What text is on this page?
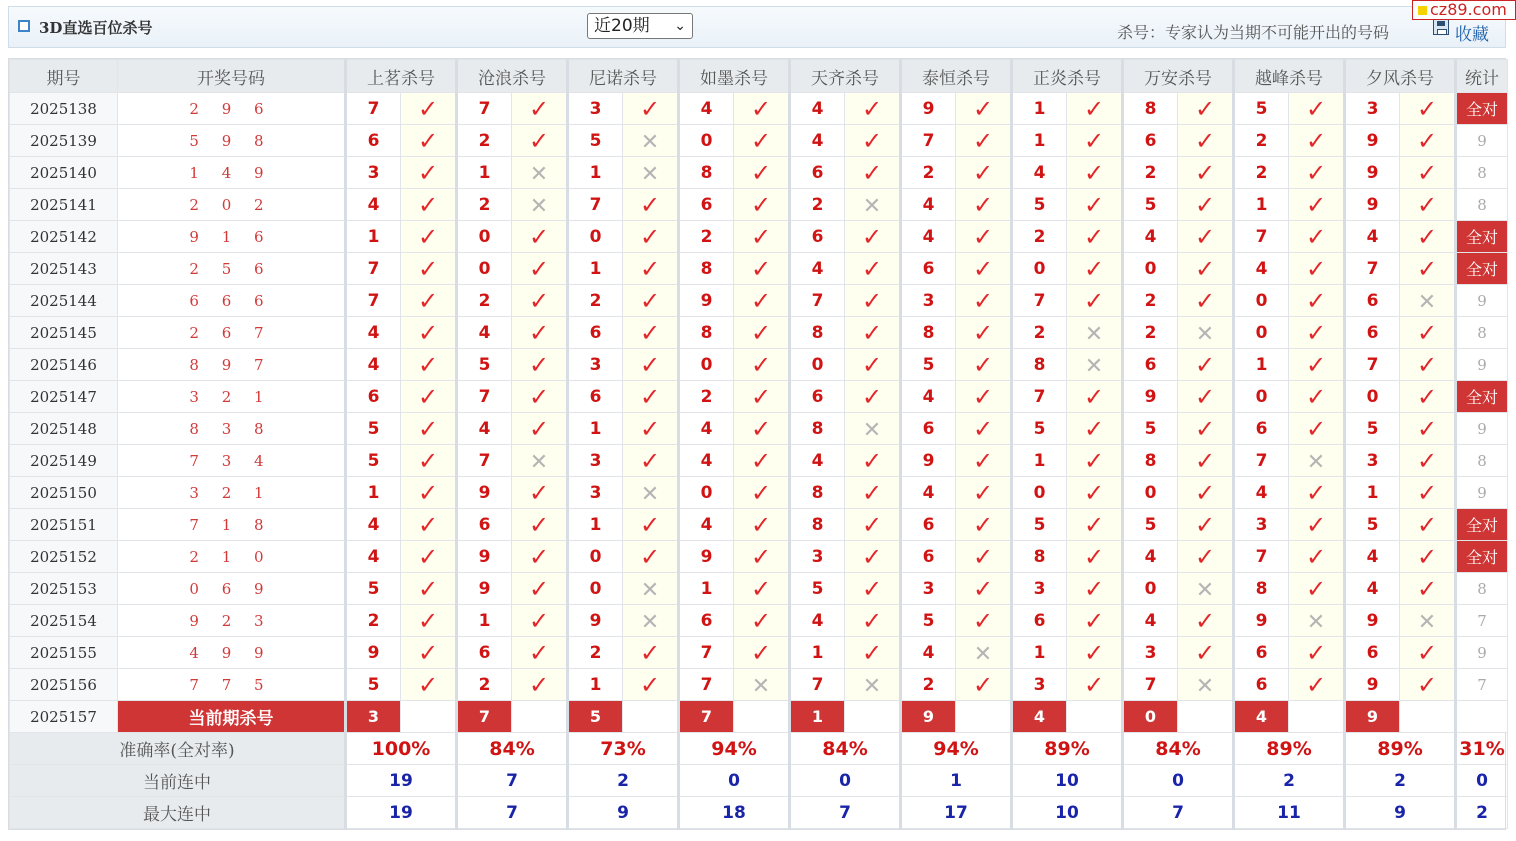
3D直选百位杀号	近20期 ⌄	杀号：专家认为当期不可能开出的号码	收藏
cz89.com
期号	开奖号码	上茗杀号		沧浪杀号		尼诺杀号		如墨杀号		天齐杀号		泰恒杀号		正炎杀号		万安杀号		越峰杀号		夕风杀号		统计
2025138	2 9 6	7	✓	7	✓	3	✓	4	✓	4	✓	9	✓	1	✓	8	✓	5	✓	3	✓	全对
2025139	5 9 8	6	✓	2	✓	5	✕	0	✓	4	✓	7	✓	1	✓	6	✓	2	✓	9	✓	9
2025140	1 4 9	3	✓	1	✕	1	✕	8	✓	6	✓	2	✓	4	✓	2	✓	2	✓	9	✓	8
2025141	2 0 2	4	✓	2	✕	7	✓	6	✓	2	✕	4	✓	5	✓	5	✓	1	✓	9	✓	8
2025142	9 1 6	1	✓	0	✓	0	✓	2	✓	6	✓	4	✓	2	✓	4	✓	7	✓	4	✓	全对
2025143	2 5 6	7	✓	0	✓	1	✓	8	✓	4	✓	6	✓	0	✓	0	✓	4	✓	7	✓	全对
2025144	6 6 6	7	✓	2	✓	2	✓	9	✓	7	✓	3	✓	7	✓	2	✓	0	✓	6	✕	9
2025145	2 6 7	4	✓	4	✓	6	✓	8	✓	8	✓	8	✓	2	✕	2	✕	0	✓	6	✓	8
2025146	8 9 7	4	✓	5	✓	3	✓	0	✓	0	✓	5	✓	8	✕	6	✓	1	✓	7	✓	9
2025147	3 2 1	6	✓	7	✓	6	✓	2	✓	6	✓	4	✓	7	✓	9	✓	0	✓	0	✓	全对
2025148	8 3 8	5	✓	4	✓	1	✓	4	✓	8	✕	6	✓	5	✓	5	✓	6	✓	5	✓	9
2025149	7 3 4	5	✓	7	✕	3	✓	4	✓	4	✓	9	✓	1	✓	8	✓	7	✕	3	✓	8
2025150	3 2 1	1	✓	9	✓	3	✕	0	✓	8	✓	4	✓	0	✓	0	✓	4	✓	1	✓	9
2025151	7 1 8	4	✓	6	✓	1	✓	4	✓	8	✓	6	✓	5	✓	5	✓	3	✓	5	✓	全对
2025152	2 1 0	4	✓	9	✓	0	✓	9	✓	3	✓	6	✓	8	✓	4	✓	7	✓	4	✓	全对
2025153	0 6 9	5	✓	9	✓	0	✕	1	✓	5	✓	3	✓	3	✓	0	✕	8	✓	4	✓	8
2025154	9 2 3	2	✓	1	✓	9	✕	6	✓	4	✓	5	✓	6	✓	4	✓	9	✕	9	✕	7
2025155	4 9 9	9	✓	6	✓	2	✓	7	✓	1	✓	4	✕	1	✓	3	✓	6	✓	6	✓	9
2025156	7 7 5	5	✓	2	✓	1	✓	7	✕	7	✕	2	✓	3	✓	7	✕	6	✓	9	✓	7
2025157	当前期杀号	3		7		5		7		1		9		4		0		4		9		
准确率(全对率)		100%		84%		73%		94%		84%		94%		89%		84%		89%		89%		31%
当前连中		19		7		2		0		0		1		10		0		2		2		0
最大连中		19		7		9		18		7		17		10		7		11		9		2
